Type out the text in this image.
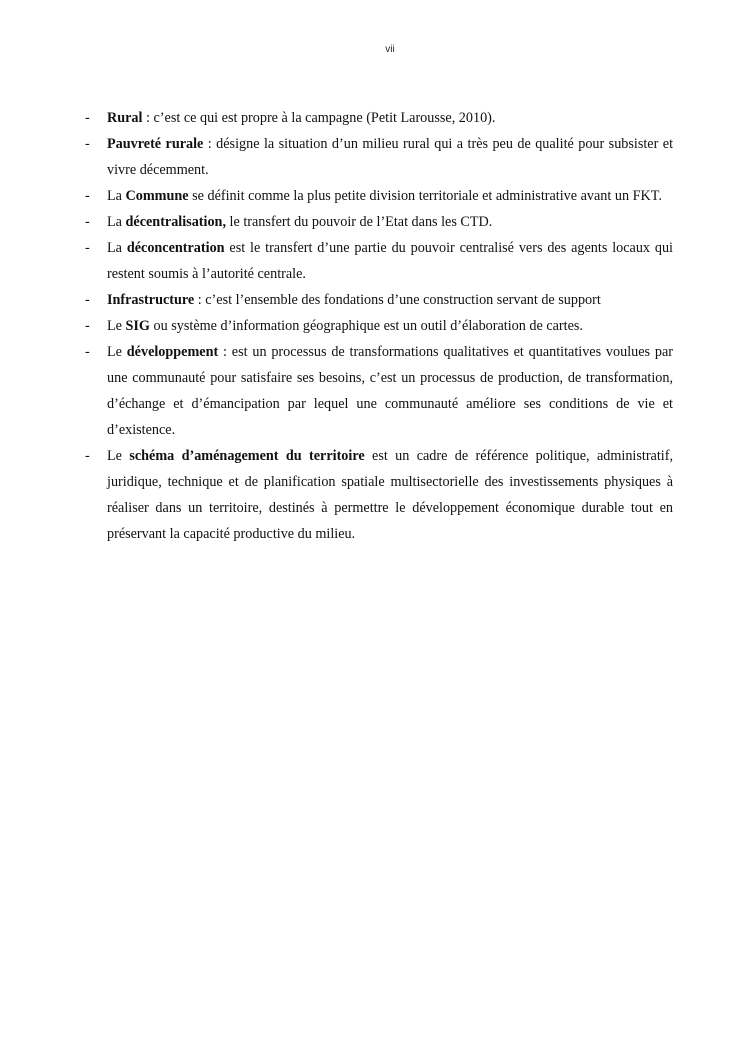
vii
- Rural : c’est ce qui est propre à la campagne (Petit Larousse, 2010).
- Pauvreté rurale : désigne la situation d’un milieu rural qui a très peu de qualité pour subsister et vivre décemment.
- La Commune se définit comme la plus petite division territoriale et administrative avant un FKT.
- La décentralisation, le transfert du pouvoir de l’Etat dans les CTD.
- La déconcentration est le transfert d’une partie du pouvoir centralisé vers des agents locaux qui restent soumis à l’autorité centrale.
- Infrastructure : c’est l’ensemble des fondations d’une construction servant de support
- Le SIG ou système d’information géographique est un outil d’élaboration de cartes.
- Le développement : est un processus de transformations qualitatives et quantitatives voulues par une communauté pour satisfaire ses besoins, c’est un processus de production, de transformation, d’échange et d’émancipation par lequel une communauté améliore ses conditions de vie et d’existence.
- Le schéma d’aménagement du territoire est un cadre de référence politique, administratif, juridique, technique et de planification spatiale multisectorielle des investissements physiques à réaliser dans un territoire, destinés à permettre le développement économique durable tout en préservant la capacité productive du milieu.
